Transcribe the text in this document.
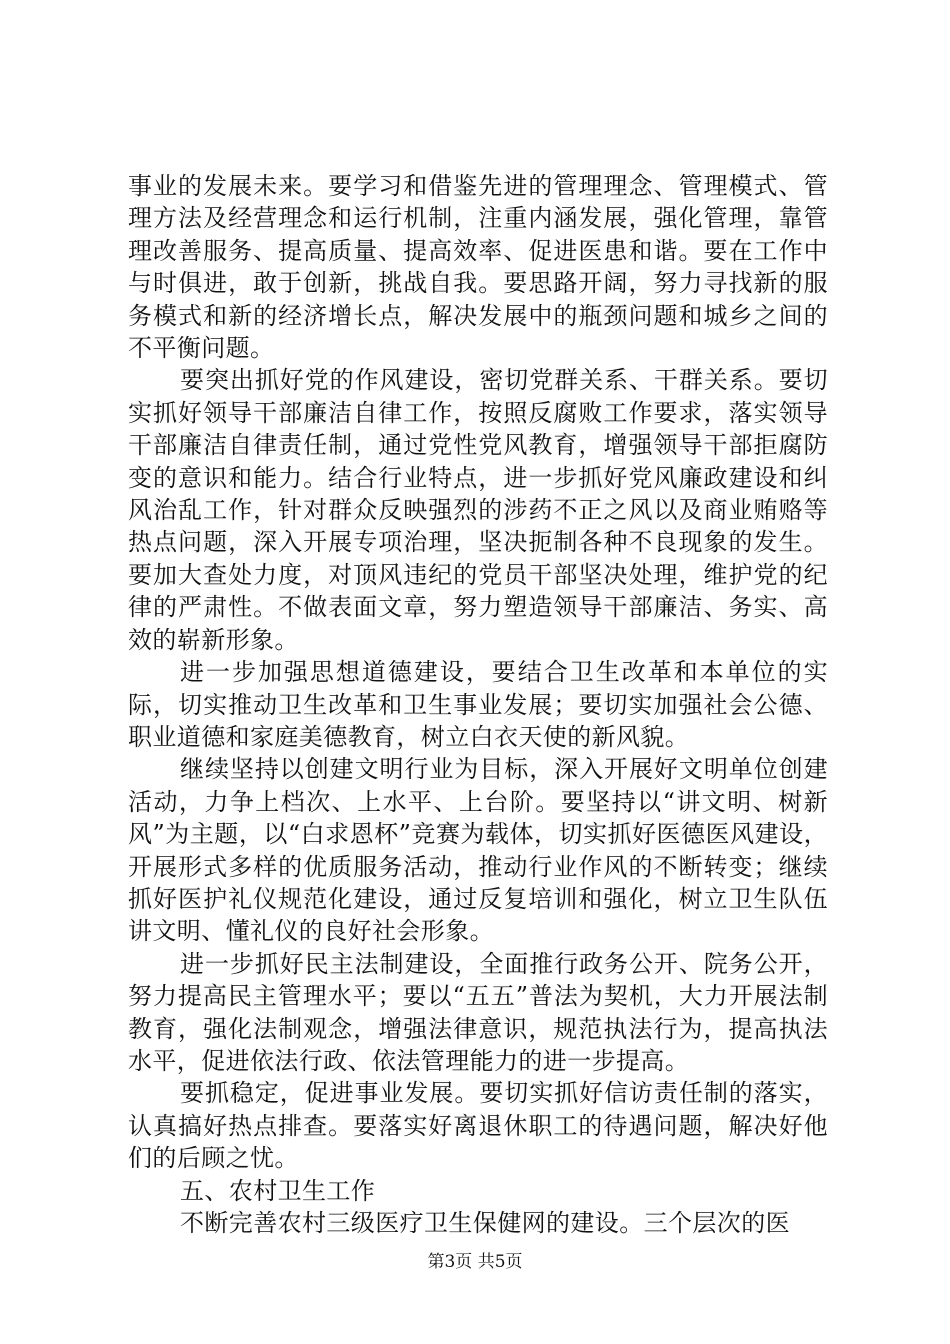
事业的发展未来。要学习和借鉴先进的管理理念、管理模式、管理方法及经营理念和运行机制，注重内涵发展，强化管理，靠管理改善服务、提高质量、提高效率、促进医患和谐。要在工作中与时俱进，敢于创新，挑战自我。要思路开阔，努力寻找新的服务模式和新的经济增长点，解决发展中的瓶颈问题和城乡之间的不平衡问题。

要突出抓好党的作风建设，密切党群关系、干群关系。要切实抓好领导干部廉洁自律工作，按照反腐败工作要求，落实领导干部廉洁自律责任制，通过党性党风教育，增强领导干部拒腐防变的意识和能力。结合行业特点，进一步抓好党风廉政建设和纠风治乱工作，针对群众反映强烈的涉药不正之风以及商业贿赂等热点问题，深入开展专项治理，坚决扼制各种不良现象的发生。要加大查处力度，对顶风违纪的党员干部坚决处理，维护党的纪律的严肃性。不做表面文章，努力塑造领导干部廉洁、务实、高效的崭新形象。

进一步加强思想道德建设，要结合卫生改革和本单位的实际，切实推动卫生改革和卫生事业发展；要切实加强社会公德、职业道德和家庭美德教育，树立白衣天使的新风貌。

继续坚持以创建文明行业为目标，深入开展好文明单位创建活动，力争上档次、上水平、上台阶。要坚持以“讲文明、树新风”为主题，以“白求恩杯”竞赛为载体，切实抓好医德医风建设，开展形式多样的优质服务活动，推动行业作风的不断转变；继续抓好医护礼仪规范化建设，通过反复培训和强化，树立卫生队伍讲文明、懂礼仪的良好社会形象。

进一步抓好民主法制建设，全面推行政务公开、院务公开，努力提高民主管理水平；要以“五五”普法为契机，大力开展法制教育，强化法制观念，增强法律意识，规范执法行为，提高执法水平，促进依法行政、依法管理能力的进一步提高。

要抓稳定，促进事业发展。要切实抓好信访责任制的落实，认真搞好热点排查。要落实好离退休职工的待遇问题，解决好他们的后顾之忧。

五、农村卫生工作

不断完善农村三级医疗卫生保健网的建设。三个层次的医

第3页 共5页
